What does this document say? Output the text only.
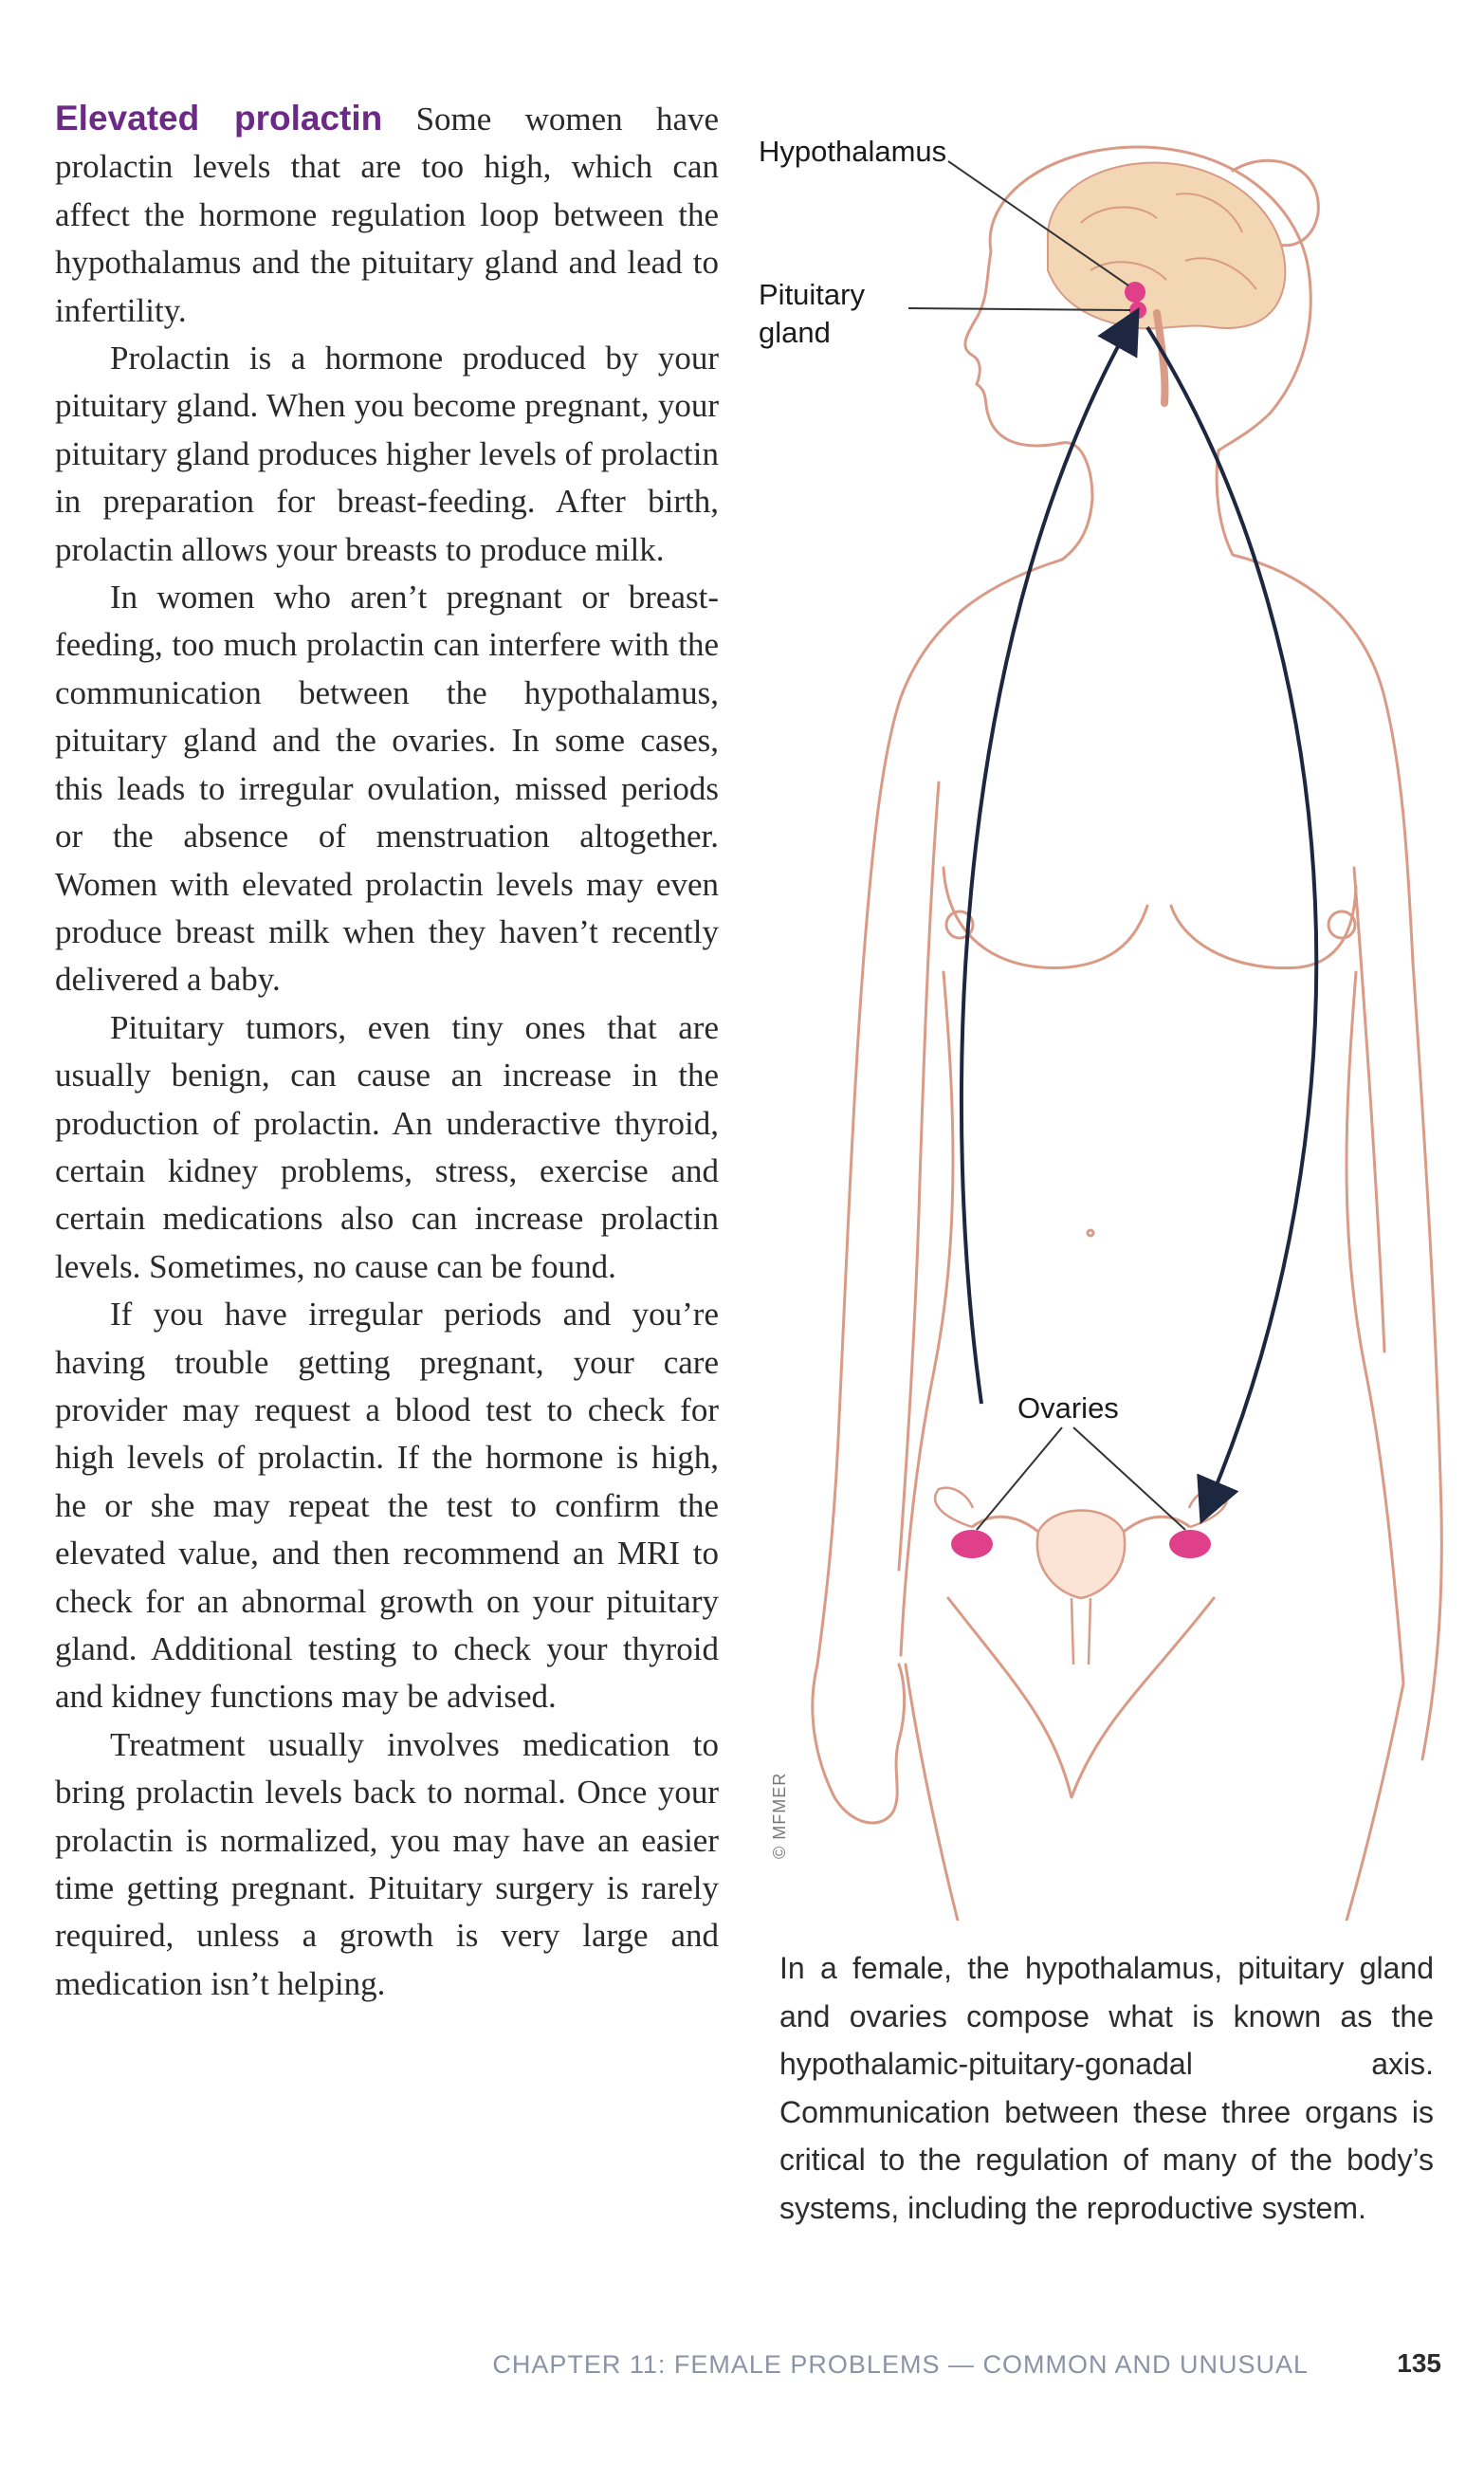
Elevated prolactin Some women have prolactin levels that are too high, which can affect the hormone regulation loop between the hypothalamus and the pituitary gland and lead to infertility.

Prolactin is a hormone produced by your pituitary gland. When you become pregnant, your pituitary gland produces higher levels of prolactin in preparation for breast-feeding. After birth, prolactin allows your breasts to produce milk.

In women who aren’t pregnant or breast-feeding, too much prolactin can interfere with the communication between the hypothalamus, pituitary gland and the ovaries. In some cases, this leads to irregular ovulation, missed periods or the absence of menstruation altogether. Women with elevated prolactin levels may even produce breast milk when they haven’t recently delivered a baby.

Pituitary tumors, even tiny ones that are usually benign, can cause an increase in the production of prolactin. An underactive thyroid, certain kidney problems, stress, exercise and certain medications also can increase prolactin levels. Sometimes, no cause can be found.

If you have irregular periods and you’re having trouble getting pregnant, your care provider may request a blood test to check for high levels of prolactin. If the hormone is high, he or she may repeat the test to confirm the elevated value, and then recommend an MRI to check for an abnormal growth on your pituitary gland. Additional testing to check your thyroid and kidney functions may be advised.

Treatment usually involves medication to bring prolactin levels back to normal. Once your prolactin is normalized, you may have an easier time getting pregnant. Pituitary surgery is rarely required, unless a growth is very large and medication isn’t helping.

Hypothalamus
Pituitary
gland
Ovaries
© MFMER
In a female, the hypothalamus, pituitary gland and ovaries compose what is known as the hypothalamic-pituitary-gonadal axis. Communication between these three organs is critical to the regulation of many of the body’s systems, including the reproductive system.
CHAPTER 11: FEMALE PROBLEMS — COMMON AND UNUSUAL	135
